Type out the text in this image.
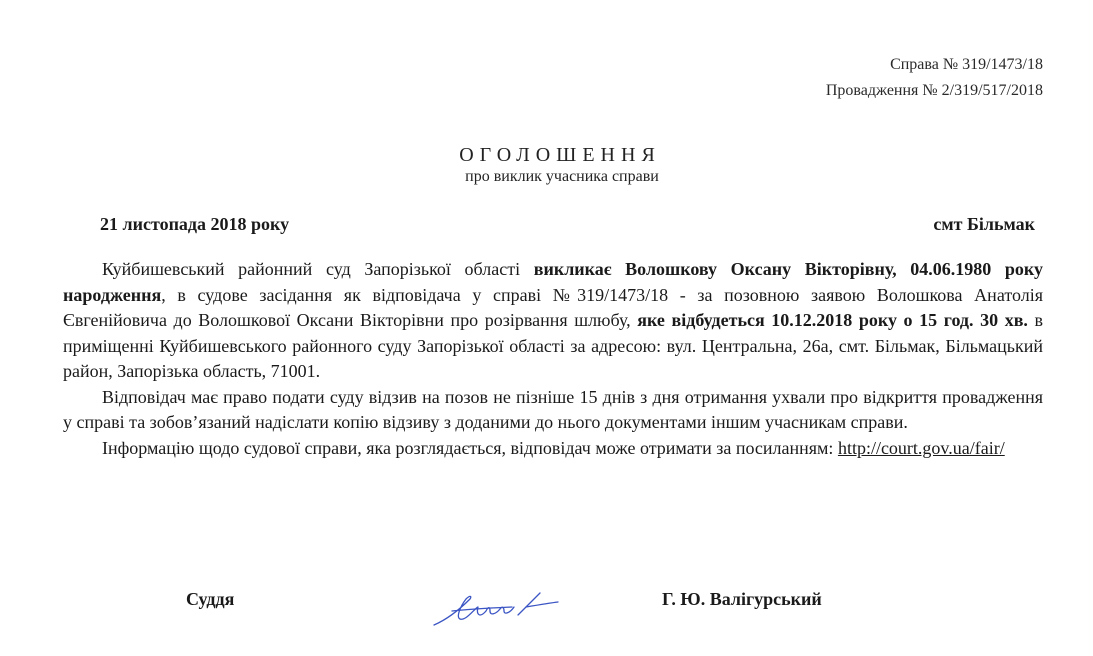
Справа № 319/1473/18
Провадження № 2/319/517/2018
ОГОЛОШЕННЯ
про виклик учасника справи
21 листопада 2018 року	смт Більмак

Куйбишевський районний суд Запорізької області викликає Волошкову Оксану Вікторівну, 04.06.1980 року народження, в судове засідання як відповідача у справі №319/1473/18 - за позовною заявою Волошкова Анатолія Євгенійовича до Волошкової Оксани Вікторівни про розірвання шлюбу, яке відбудеться 10.12.2018 року о 15 год. 30 хв. в приміщенні Куйбишевського районного суду Запорізької області за адресою: вул. Центральна, 26а, смт. Більмак, Більмацький район, Запорізька область, 71001.

Відповідач має право подати суду відзив на позов не пізніше 15 днів з дня отримання ухвали про відкриття провадження у справі та зобов’язаний надіслати копію відзиву з доданими до нього документами іншим учасникам справи.

Інформацію щодо судової справи, яка розглядається, відповідач може отримати за посиланням: http://court.gov.ua/fair/

Суддя	Г. Ю. Валігурський
